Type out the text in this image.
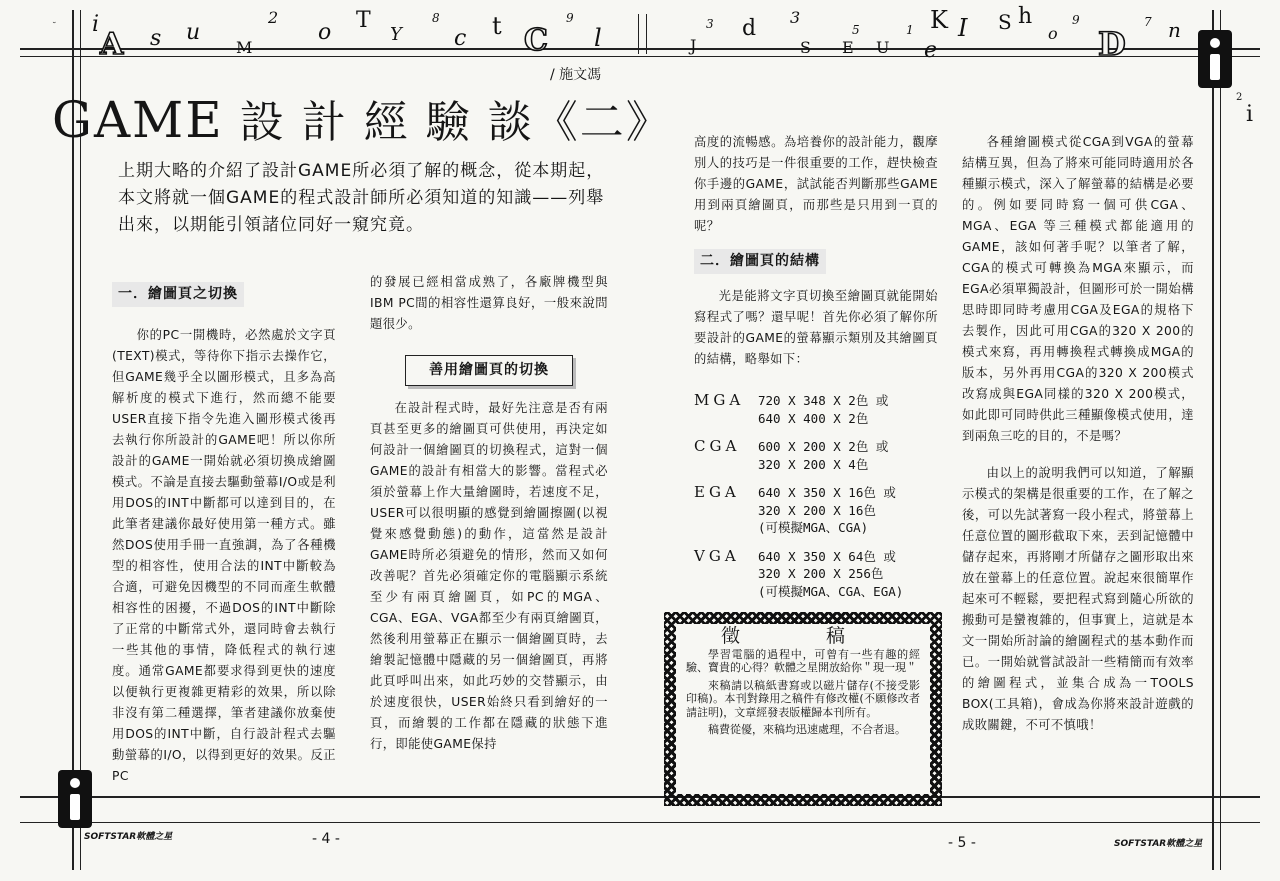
i
A s u
M
2
o T
Y
8
c t C
9
l	J
3 d 3
S
5
E U
1
e
K I S h
o
9
D
7 n
˘
2
i
/ 施文馮
GAME 設 計 經 驗 談《二》

上期大略的介紹了設計GAME所必須了解的概念，從本期起，

本文將就一個GAME的程式設計師所必須知道的知識——列舉

出來，以期能引領諸位同好一窺究竟。

一．繪圖頁之切換

你的PC一開機時，必然處於文字頁(TEXT)模式，等待你下指示去操作它，但GAME幾乎全以圖形模式，且多為高解析度的模式下進行，然而總不能要USER直接下指令先進入圖形模式後再去執行你所設計的GAME吧！所以你所設計的GAME一開始就必須切換成繪圖模式。不論是直接去驅動螢幕I/O或是利用DOS的INT中斷都可以達到目的，在此筆者建議你最好使用第一種方式。雖然DOS使用手冊一直強調，為了各種機型的相容性，使用合法的INT中斷較為合適，可避免因機型的不同而產生軟體相容性的困擾，不過DOS的INT中斷除了正常的中斷常式外，還同時會去執行一些其他的事情，降低程式的執行速度。通常GAME都要求得到更快的速度以便執行更複雜更精彩的效果，所以除非沒有第二種選擇，筆者建議你放棄使用DOS的INT中斷，自行設計程式去驅動螢幕的I/O，以得到更好的效果。反正PC

的發展已經相當成熟了，各廠牌機型與IBM PC間的相容性還算良好，一般來說問題很少。

善用繪圖頁的切換

在設計程式時，最好先注意是否有兩頁甚至更多的繪圖頁可供使用，再決定如何設計一個繪圖頁的切換程式，這對一個GAME的設計有相當大的影響。當程式必須於螢幕上作大量繪圖時，若速度不足，USER可以很明顯的感覺到繪圖擦圖(以視覺來感覺動態)的動作，這當然是設計GAME時所必須避免的情形，然而又如何改善呢？首先必須確定你的電腦顯示系統至少有兩頁繪圖頁，如PC的MGA、CGA、EGA、VGA都至少有兩頁繪圖頁，然後利用螢幕正在顯示一個繪圖頁時，去繪製記憶體中隱藏的另一個繪圖頁，再將此頁呼叫出來，如此巧妙的交替顯示，由於速度很快，USER始終只看到繪好的一頁，而繪製的工作都在隱藏的狀態下進行，即能使GAME保持

高度的流暢感。為培養你的設計能力，觀摩別人的技巧是一件很重要的工作，趕快檢查你手邊的GAME，試試能否判斷那些GAME用到兩頁繪圖頁，而那些是只用到一頁的呢？

二．繪圖頁的結構

光是能將文字頁切換至繪圖頁就能開始寫程式了嗎？還早呢！首先你必須了解你所要設計的GAME的螢幕顯示類別及其繪圖頁的結構，略舉如下：

MGA	720 X 348 X 2色 或
640 X 400 X 2色
CGA	600 X 200 X 2色 或
320 X 200 X 4色
EGA	640 X 350 X 16色 或
320 X 200 X 16色
(可模擬MGA、CGA)
VGA	640 X 350 X 64色 或
320 X 200 X 256色
(可模擬MGA、CGA、EGA)
徵 稿

學習電腦的過程中，可曾有一些有趣的經驗、寶貴的心得？軟體之星開放給你＂現一現＂

來稿請以稿紙書寫或以磁片儲存(不接受影印稿)。本刊對錄用之稿件有修改權(不願修改者請註明)，文章經發表版權歸本刊所有。

稿費從優，來稿均迅速處理，不合者退。

各種繪圖模式從CGA到VGA的螢幕結構互異，但為了將來可能同時適用於各種顯示模式，深入了解螢幕的結構是必要的。例如要同時寫一個可供CGA、MGA、EGA 等三種模式都能適用的GAME，該如何著手呢？以筆者了解，CGA的模式可轉換為MGA來顯示，而EGA必須單獨設計，但圖形可於一開始構思時即同時考慮用CGA及EGA的規格下去製作，因此可用CGA的320 X 200的模式來寫，再用轉換程式轉換成MGA的版本，另外再用CGA的320 X 200模式改寫成與EGA同樣的320 X 200模式，如此即可同時供此三種顯像模式使用，達到兩魚三吃的目的，不是嗎？

由以上的說明我們可以知道，了解顯示模式的架構是很重要的工作，在了解之後，可以先試著寫一段小程式，將螢幕上任意位置的圖形截取下來，丟到記憶體中儲存起來，再將剛才所儲存之圖形取出來放在螢幕上的任意位置。說起來很簡單作起來可不輕鬆，要把程式寫到隨心所欲的搬動可是蠻複雜的，但事實上，這就是本文一開始所討論的繪圖程式的基本動作而已。一開始就嘗試設計一些精簡而有效率的繪圖程式，並集合成為一TOOLS BOX(工具箱)，會成為你將來設計遊戲的成敗關鍵，不可不慎哦！

SOFTSTAR軟體之星	- 4 -	- 5 -	SOFTSTAR軟體之星
